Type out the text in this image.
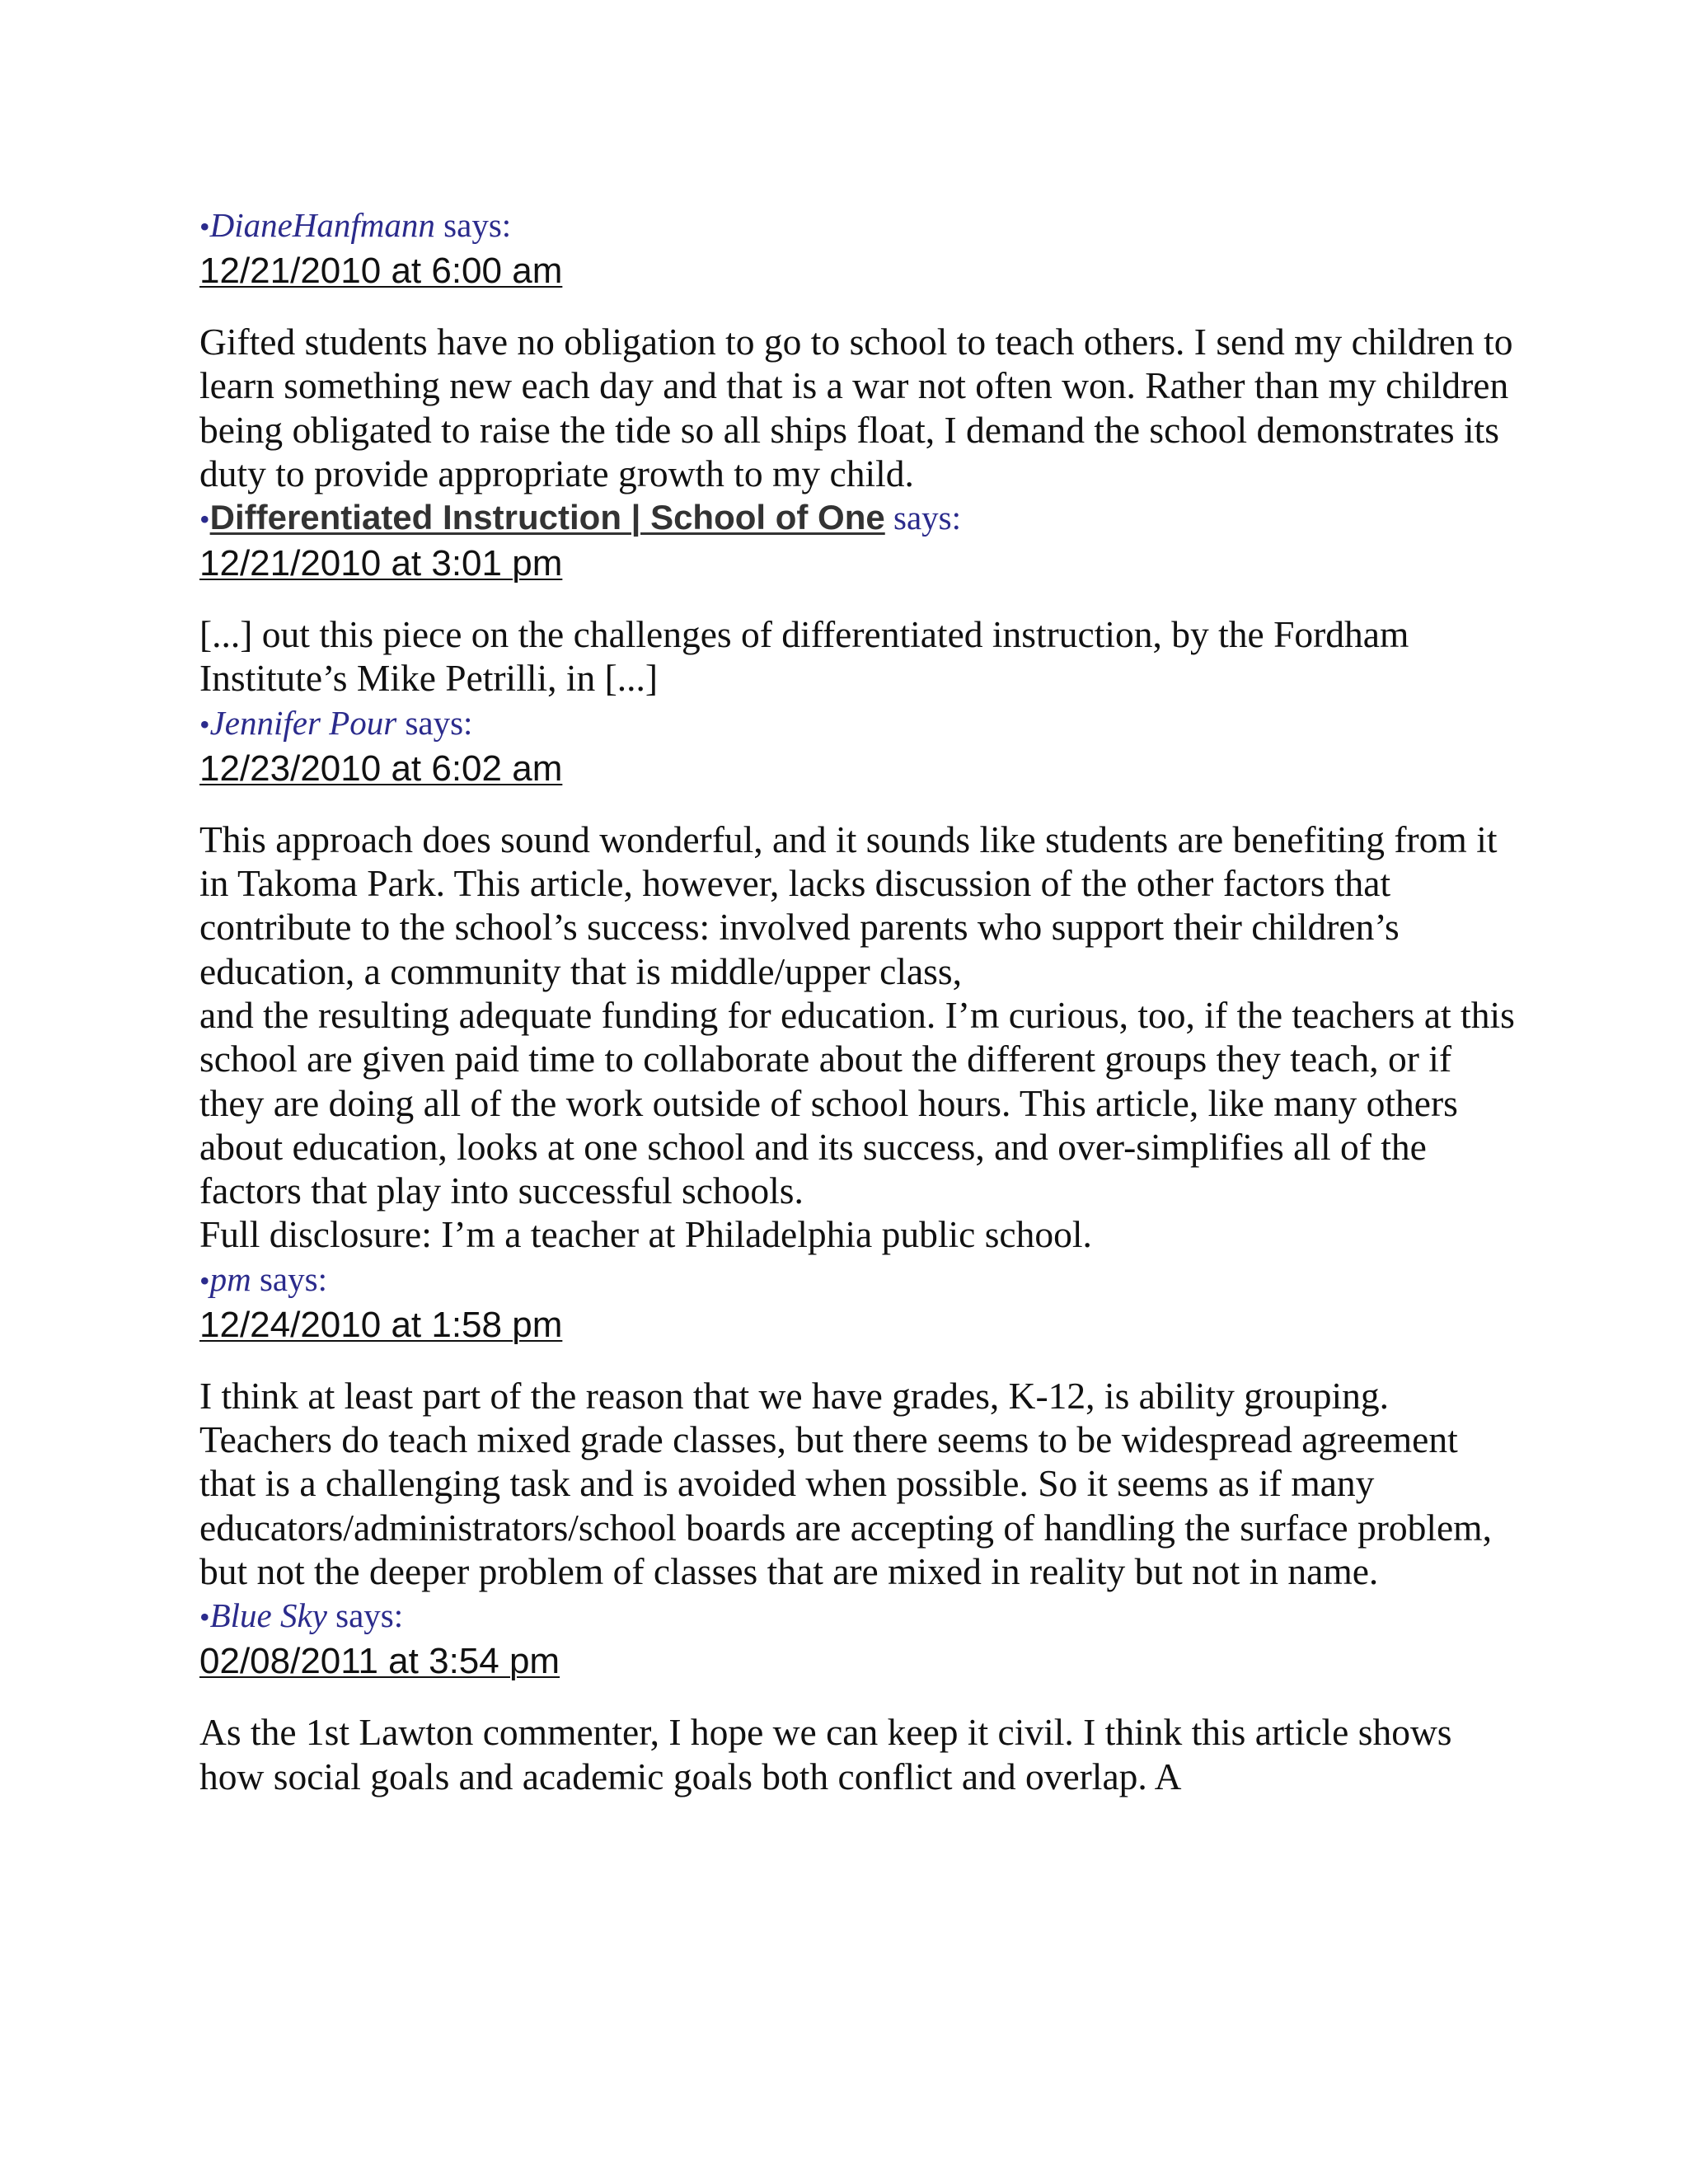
•DianeHanfmann says:
12/21/2010 at 6:00 am

Gifted students have no obligation to go to school to teach others. I send my children to learn something new each day and that is a war not often won. Rather than my children being obligated to raise the tide so all ships float, I demand the school demonstrates its duty to provide appropriate growth to my child.

•Differentiated Instruction | School of One says:
12/21/2010 at 3:01 pm

[...] out this piece on the challenges of differentiated instruction, by the Fordham Institute’s Mike Petrilli, in [...]

•Jennifer Pour says:
12/23/2010 at 6:02 am

This approach does sound wonderful, and it sounds like students are benefiting from it in Takoma Park. This article, however, lacks discussion of the other factors that contribute to the school’s success: involved parents who support their children’s education, a community that is middle/upper class,

and the resulting adequate funding for education. I’m curious, too, if the teachers at this school are given paid time to collaborate about the different groups they teach, or if they are doing all of the work outside of school hours. This article, like many others about education, looks at one school and its success, and over-simplifies all of the factors that play into successful schools.

Full disclosure: I’m a teacher at Philadelphia public school.

•pm says:
12/24/2010 at 1:58 pm

I think at least part of the reason that we have grades, K-12, is ability grouping. Teachers do teach mixed grade classes, but there seems to be widespread agreement that is a challenging task and is avoided when possible. So it seems as if many educators/administrators/school boards are accepting of handling the surface problem, but not the deeper problem of classes that are mixed in reality but not in name.

•Blue Sky says:
02/08/2011 at 3:54 pm

As the 1st Lawton commenter, I hope we can keep it civil. I think this article shows how social goals and academic goals both conflict and overlap. A
